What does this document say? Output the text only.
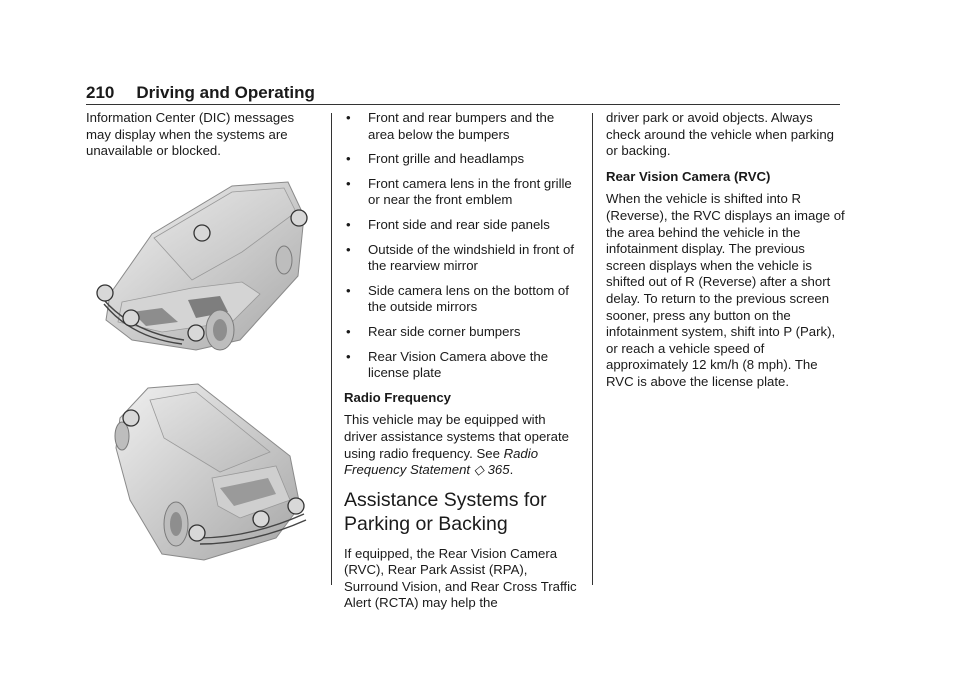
210 Driving and Operating

Information Center (DIC) messages may display when the systems are unavailable or blocked.

• Front and rear bumpers and the area below the bumpers
• Front grille and headlamps
• Front camera lens in the front grille or near the front emblem
• Front side and rear side panels
• Outside of the windshield in front of the rearview mirror
• Side camera lens on the bottom of the outside mirrors
• Rear side corner bumpers
• Rear Vision Camera above the license plate

Radio Frequency

This vehicle may be equipped with driver assistance systems that operate using radio frequency. See Radio Frequency Statement ◇ 365.

Assistance Systems for Parking or Backing

If equipped, the Rear Vision Camera (RVC), Rear Park Assist (RPA), Surround Vision, and Rear Cross Traffic Alert (RCTA) may help the

driver park or avoid objects. Always check around the vehicle when parking or backing.

Rear Vision Camera (RVC)

When the vehicle is shifted into R (Reverse), the RVC displays an image of the area behind the vehicle in the infotainment display. The previous screen displays when the vehicle is shifted out of R (Reverse) after a short delay. To return to the previous screen sooner, press any button on the infotainment system, shift into P (Park), or reach a vehicle speed of approximately 12 km/h (8 mph). The RVC is above the license plate.
